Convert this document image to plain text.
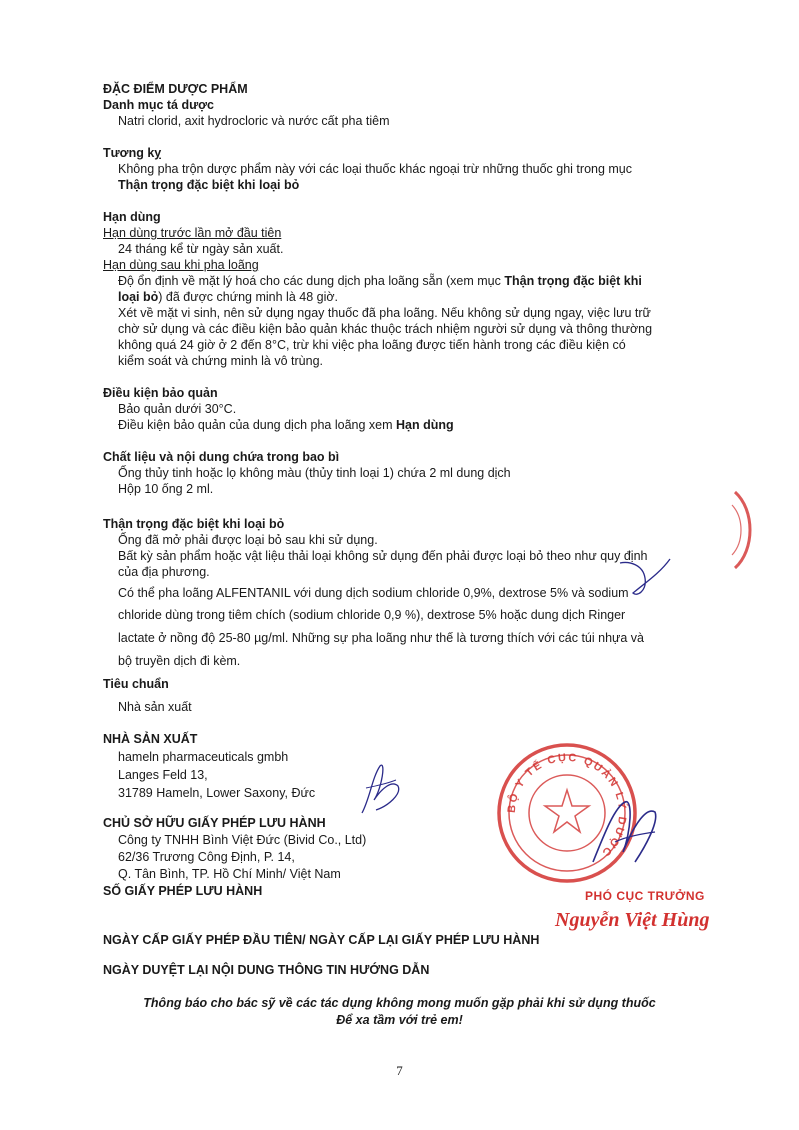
ĐẶC ĐIỂM DƯỢC PHẨM
Danh mục tá dược
Natri clorid, axit hydrocloric và nước cất pha tiêm
Tương kỵ
Không pha trộn dược phẩm này với các loại thuốc khác ngoại trừ những thuốc ghi trong mục
Thận trọng đặc biệt khi loại bỏ
Hạn dùng
Hạn dùng trước lần mở đầu tiên
24 tháng kể từ ngày sản xuất.
Hạn dùng sau khi pha loãng
Độ ổn định về mặt lý hoá cho các dung dịch pha loãng sẵn (xem mục Thận trọng đặc biệt khi
loại bỏ) đã được chứng minh là 48 giờ.
Xét về mặt vi sinh, nên sử dụng ngay thuốc đã pha loãng. Nếu không sử dụng ngay, việc lưu trữ
chờ sử dụng và các điều kiện bảo quản khác thuộc trách nhiệm người sử dụng và thông thường
không quá 24 giờ ở 2 đến 8°C, trừ khi việc pha loãng được tiến hành trong các điều kiện có
kiểm soát và chứng minh là vô trùng.
Điều kiện bảo quản
Bảo quản dưới 30°C.
Điều kiện bảo quản của dung dịch pha loãng xem Hạn dùng
Chất liệu và nội dung chứa trong bao bì
Ống thủy tinh hoặc lọ không màu (thủy tinh loại 1) chứa 2 ml dung dịch
Hộp 10 ống 2 ml.
Thận trọng đặc biệt khi loại bỏ
Ống đã mở phải được loại bỏ sau khi sử dụng.
Bất kỳ sản phẩm hoặc vật liệu thải loại không sử dụng đến phải được loại bỏ theo như quy định
của địa phương.
Có thể pha loãng ALFENTANIL với dung dịch sodium chloride 0,9%, dextrose 5% và sodium
chloride dùng trong tiêm chích (sodium chloride 0,9 %), dextrose 5% hoặc dung dịch Ringer
lactate ở nồng độ 25-80 µg/ml. Những sự pha loãng như thế là tương thích với các túi nhựa và
bộ truyền dịch đi kèm.
Tiêu chuẩn
Nhà sản xuất
NHÀ SẢN XUẤT
hameln pharmaceuticals gmbh
Langes Feld 13,
31789 Hameln, Lower Saxony, Đức
CHỦ SỞ HỮU GIẤY PHÉP LƯU HÀNH
Công ty TNHH Bình Việt Đức (Bivid Co., Ltd)
62/36 Trương Công Định, P. 14,
Q. Tân Bình, TP. Hồ Chí Minh/ Việt Nam
SỐ GIẤY PHÉP LƯU HÀNH
NGÀY CẤP GIẤY PHÉP ĐẦU TIÊN/ NGÀY CẤP LẠI GIẤY PHÉP LƯU HÀNH
NGÀY DUYỆT LẠI NỘI DUNG THÔNG TIN HƯỚNG DẪN
Thông báo cho bác sỹ về các tác dụng không mong muốn gặp phải khi sử dụng thuốc
Để xa tầm với trẻ em!
7
BỘ Y TẾ CỤC QUẢN LÝ DƯỢC
PHÓ CỤC TRƯỞNG
Nguyễn Việt Hùng
